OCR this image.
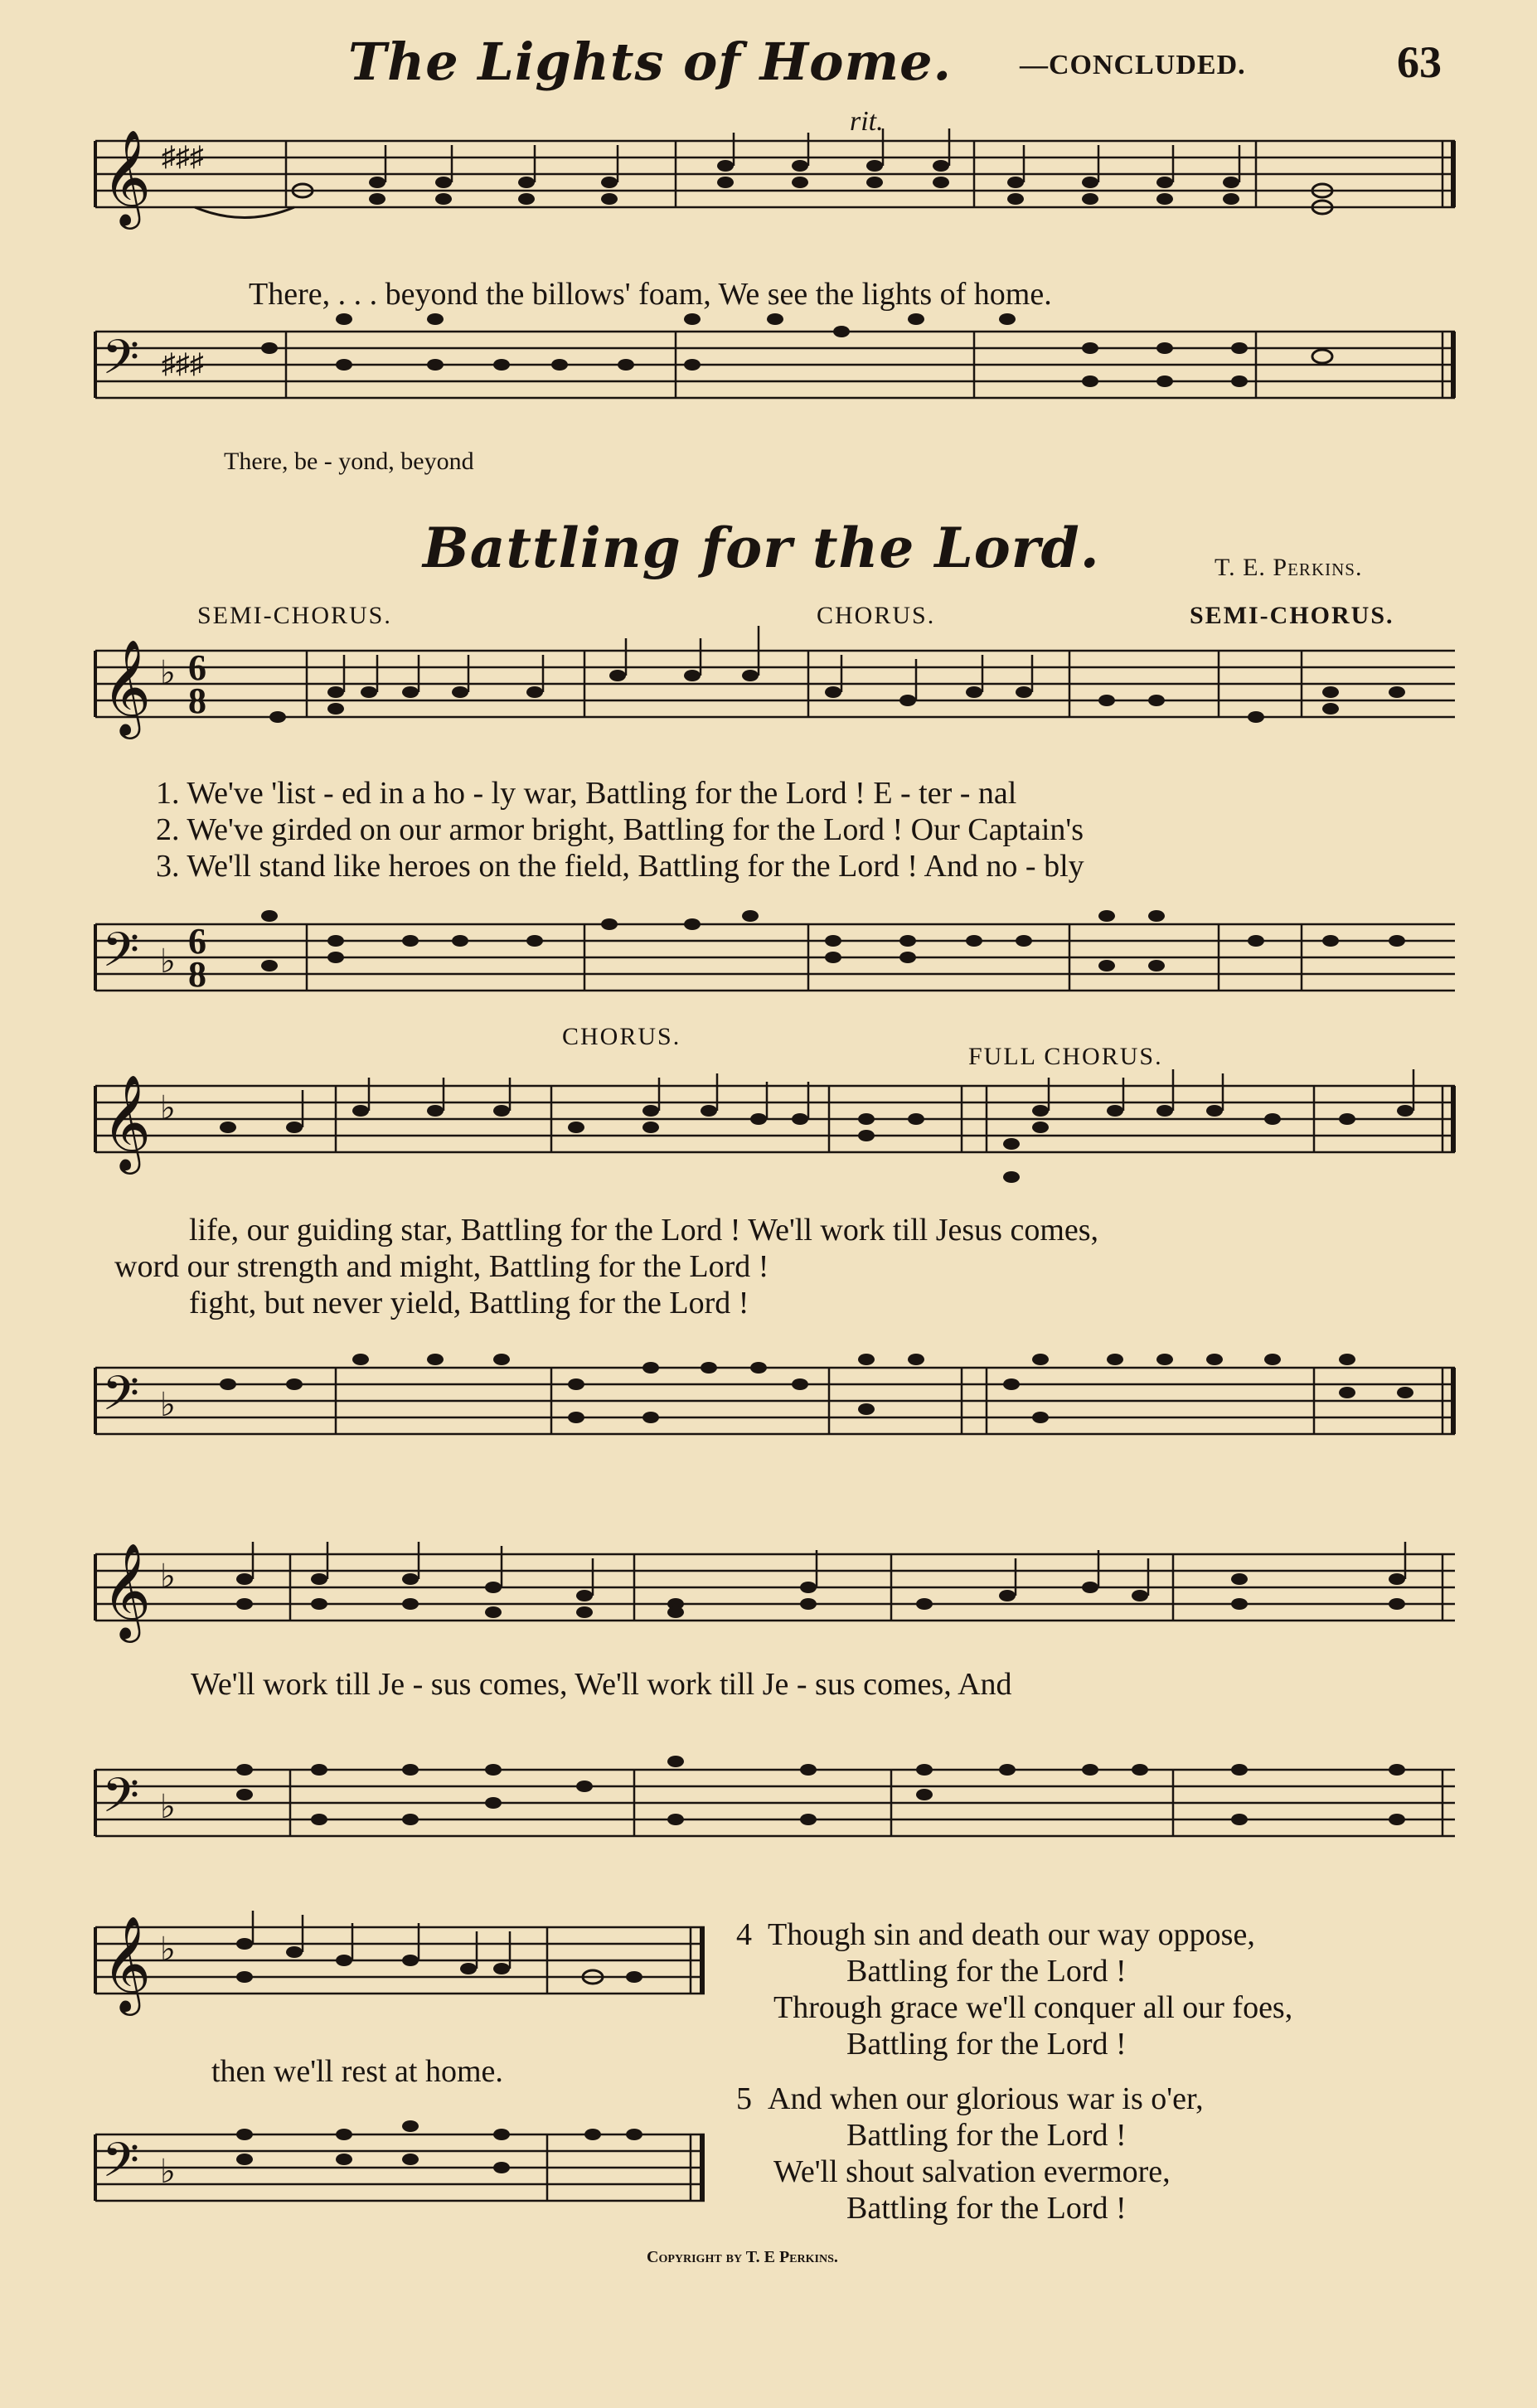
The Lights of Home. —CONCLUDED.	63
𝄞 ♯♯♯
rit.
There, . . . beyond the billows' foam, We see the lights of home.
𝄢 ♯♯♯
There, be - yond, beyond
Battling for the Lord.	T. E. Perkins.
SEMI-CHORUS.	CHORUS.	SEMI-CHORUS.
𝄞 ♭ 6
8
1. We've 'list - ed in a ho - ly war, Battling for the Lord ! E - ter - nal
2. We've girded on our armor bright, Battling for the Lord ! Our Captain's
3. We'll stand like heroes on the field, Battling for the Lord ! And no - bly
𝄢 ♭ 6
8
CHORUS.
FULL CHORUS.
𝄞 ♭
life, our guiding star, Battling for the Lord ! We'll work till Jesus comes,
word our strength and might, Battling for the Lord !
fight, but never yield, Battling for the Lord !
𝄢 ♭
𝄞 ♭
We'll work till Je - sus comes, We'll work till Je - sus comes, And
𝄢 ♭
𝄞 ♭
then we'll rest at home.
𝄢 ♭
4 Though sin and death our way oppose,
Battling for the Lord !
Through grace we'll conquer all our foes,
Battling for the Lord !
5 And when our glorious war is o'er,
Battling for the Lord !
We'll shout salvation evermore,
Battling for the Lord !
Copyright by T. E Perkins.
